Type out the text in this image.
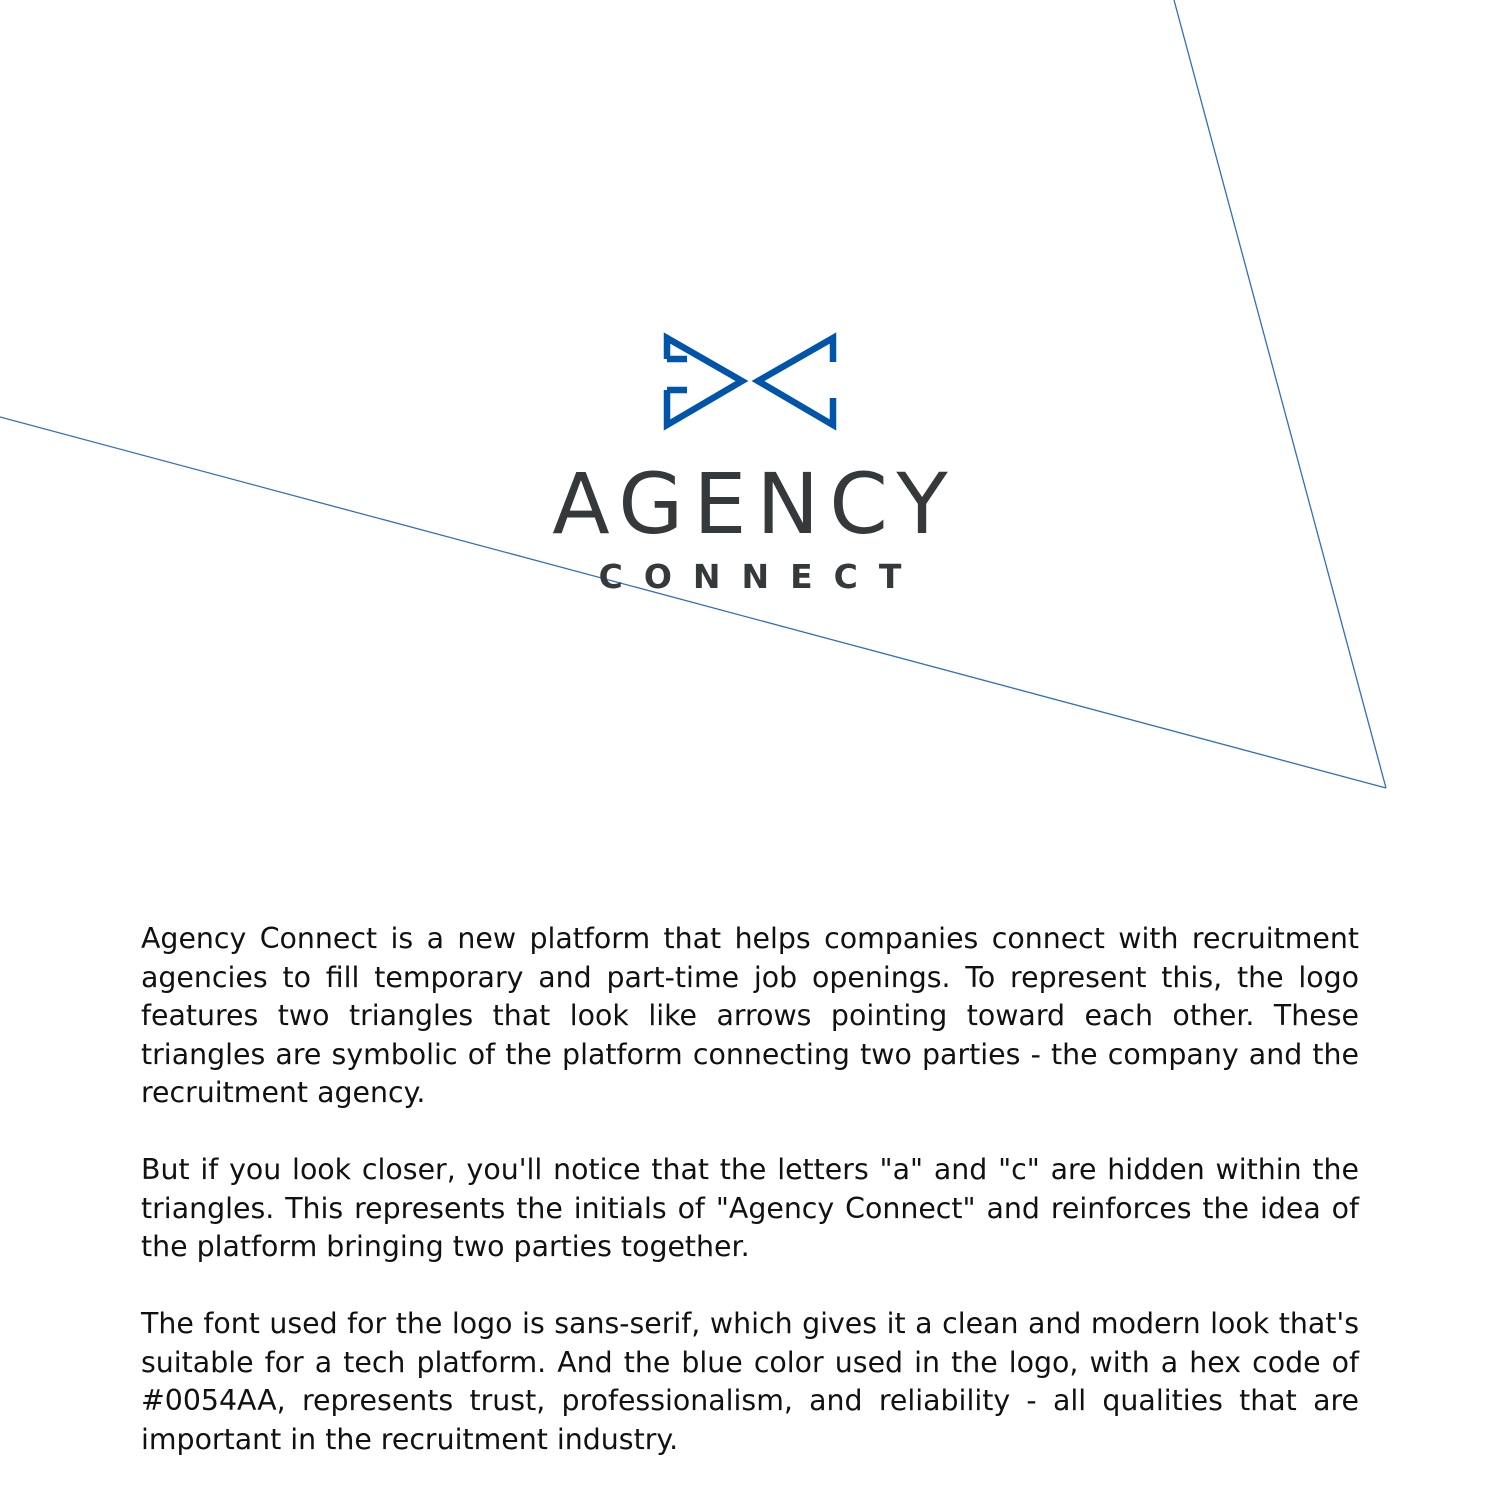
AGENCY
CONNECT

Agency Connect is a new platform that helps companies connect with recruitment agencies to fill temporary and part-time job openings. To represent this, the logo features two triangles that look like arrows pointing toward each other. These triangles are symbolic of the platform connecting two parties - the company and the recruitment agency.

But if you look closer, you'll notice that the letters "a" and "c" are hidden within the triangles. This represents the initials of "Agency Connect" and reinforces the idea of the platform bringing two parties together.

The font used for the logo is sans-serif, which gives it a clean and modern look that's suitable for a tech platform. And the blue color used in the logo, with a hex code of #0054AA, represents trust, professionalism, and reliability - all qualities that are important in the recruitment industry.
